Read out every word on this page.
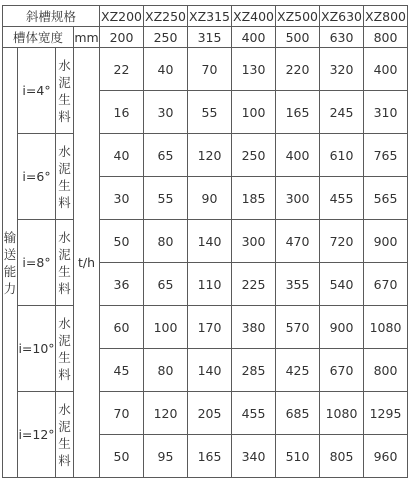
斜槽规格				XZ200	XZ250	XZ315	XZ400	XZ500	XZ630	XZ800
槽体宽度			mm	200	250	315	400	500	630	800

输
送
能
力	i=4°	水
泥
生
料	t/h	22	40	70	130	220	320	400
				16	30	55	100	165	245	310
	i=6°	水
泥
生
料		40	65	120	250	400	610	765
				30	55	90	185	300	455	565
	i=8°	水
泥
生
料		50	80	140	300	470	720	900
				36	65	110	225	355	540	670
	i=10°	水
泥
生
料		60	100	170	380	570	900	1080
				45	80	140	285	425	670	800
	i=12°	水
泥
生
料		70	120	205	455	685	1080	1295
				50	95	165	340	510	805	960
